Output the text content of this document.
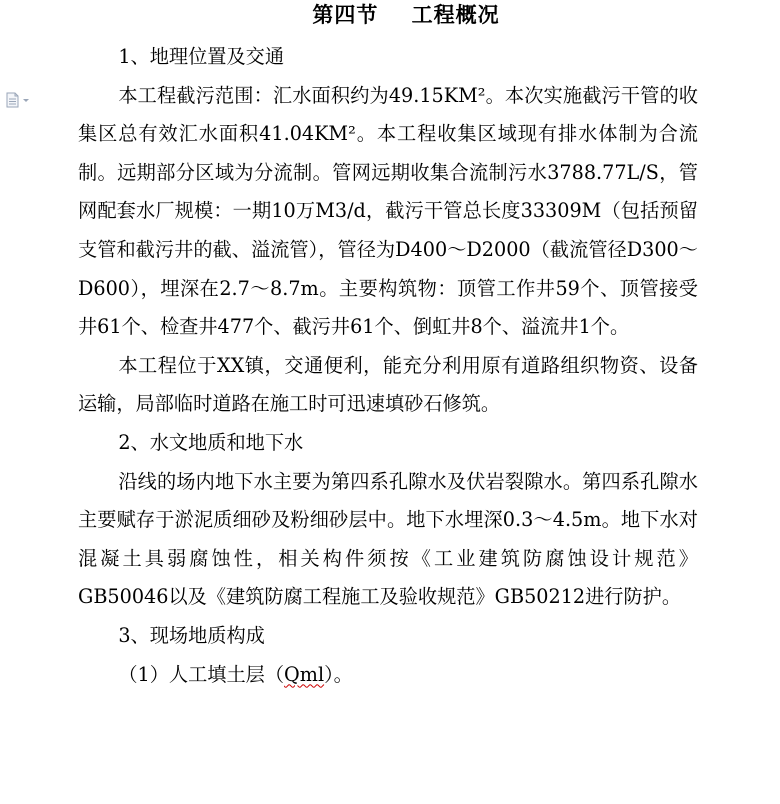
第四节    工程概况

1、地理位置及交通

本工程截污范围：汇水面积约为49.15KM²。本次实施截污干管的收集区总有效汇水面积41.04KM²。本工程收集区域现有排水体制为合流制。远期部分区域为分流制。管网远期收集合流制污水3788.77L/S，管网配套水厂规模：一期10万M3/d，截污干管总长度33309M（包括预留支管和截污井的截、溢流管），管径为D400～D2000（截流管径D300～D600），埋深在2.7～8.7m。主要构筑物：顶管工作井59个、顶管接受井61个、检查井477个、截污井61个、倒虹井8个、溢流井1个。

本工程位于XX镇，交通便利，能充分利用原有道路组织物资、设备运输，局部临时道路在施工时可迅速填砂石修筑。

2、水文地质和地下水

沿线的场内地下水主要为第四系孔隙水及伏岩裂隙水。第四系孔隙水主要赋存于淤泥质细砂及粉细砂层中。地下水埋深0.3～4.5m。地下水对混凝土具弱腐蚀性，相关构件须按《工业建筑防腐蚀设计规范》GB50046以及《建筑防腐工程施工及验收规范》GB50212进行防护。

3、现场地质构成

（1）人工填土层（Qml）。
